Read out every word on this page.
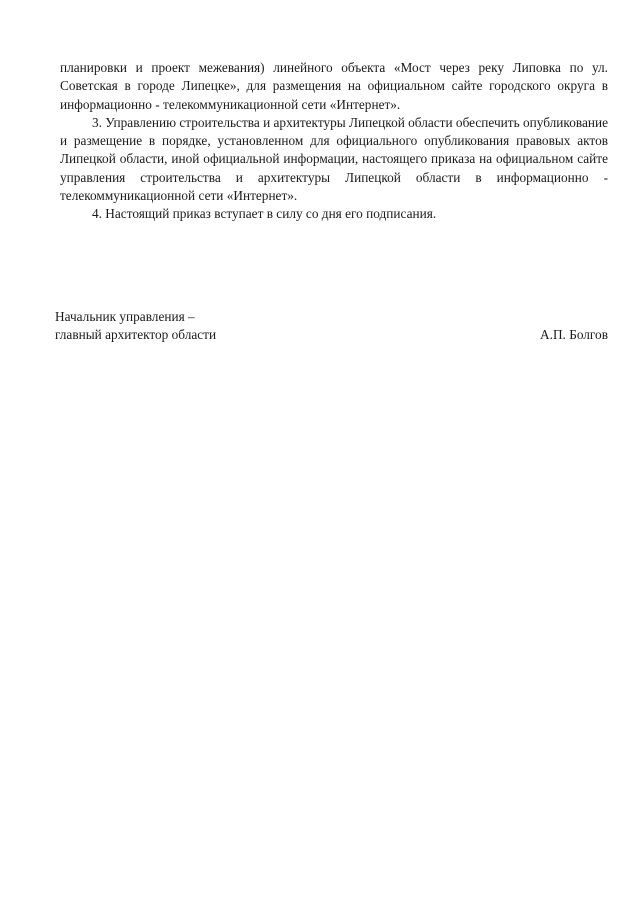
планировки и проект межевания) линейного объекта «Мост через реку Липовка по ул. Советская в городе Липецке», для размещения на официальном сайте городского округа в информационно - телекоммуникационной сети «Интернет».

3. Управлению строительства и архитектуры Липецкой области обеспечить опубликование и размещение в порядке, установленном для официального опубликования правовых актов Липецкой области, иной официальной информации, настоящего приказа на официальном сайте управления строительства и архитектуры Липецкой области в информационно - телекоммуникационной сети «Интернет».

4. Настоящий приказ вступает в силу со дня его подписания.

Начальник управления –
главный архитектор области	А.П. Болгов
